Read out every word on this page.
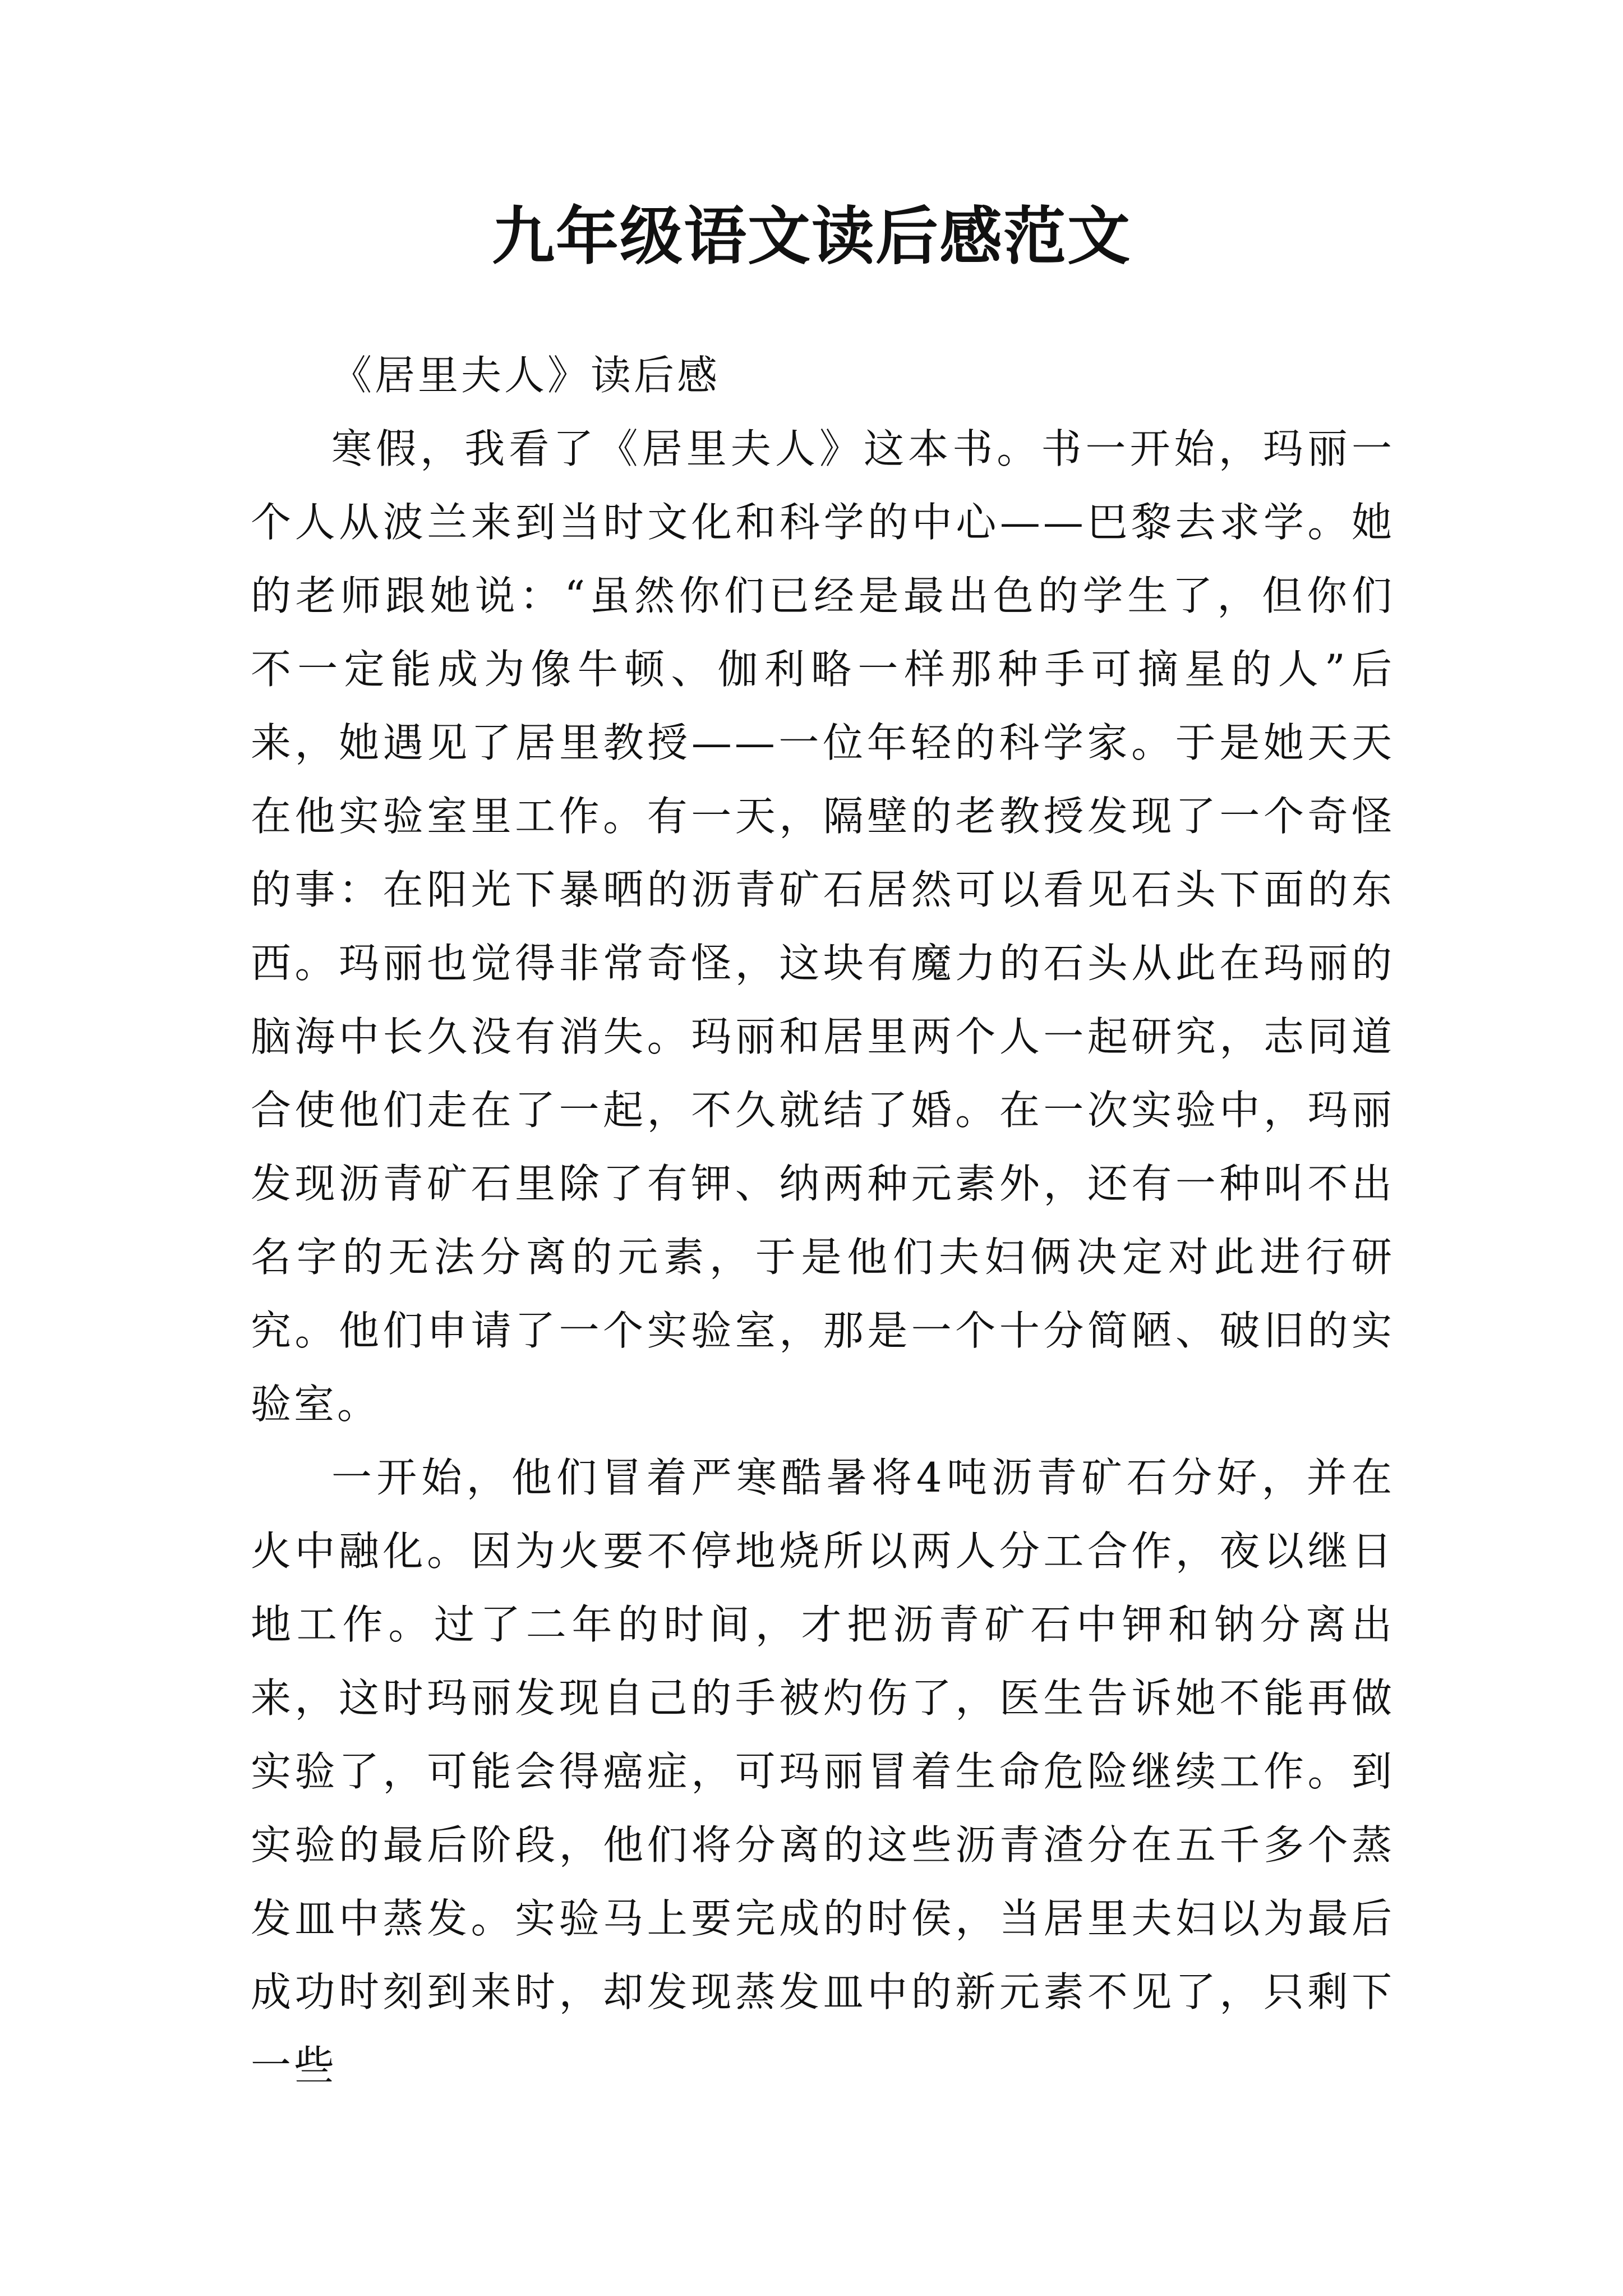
九年级语文读后感范文

《居里夫人》读后感

寒假，我看了《居里夫人》这本书。书一开始，玛丽一个人从波兰来到当时文化和科学的中心——巴黎去求学。她的老师跟她说：“虽然你们已经是最出色的学生了，但你们不一定能成为像牛顿、伽利略一样那种手可摘星的人”后来，她遇见了居里教授——一位年轻的科学家。于是她天天在他实验室里工作。有一天，隔壁的老教授发现了一个奇怪的事：在阳光下暴晒的沥青矿石居然可以看见石头下面的东西。玛丽也觉得非常奇怪，这块有魔力的石头从此在玛丽的脑海中长久没有消失。玛丽和居里两个人一起研究，志同道合使他们走在了一起，不久就结了婚。在一次实验中，玛丽发现沥青矿石里除了有钾、纳两种元素外，还有一种叫不出名字的无法分离的元素，于是他们夫妇俩决定对此进行研究。他们申请了一个实验室，那是一个十分简陋、破旧的实验室。

一开始，他们冒着严寒酷暑将4吨沥青矿石分好，并在火中融化。因为火要不停地烧所以两人分工合作，夜以继日地工作。过了二年的时间，才把沥青矿石中钾和钠分离出来，这时玛丽发现自己的手被灼伤了，医生告诉她不能再做实验了，可能会得癌症，可玛丽冒着生命危险继续工作。到实验的最后阶段，他们将分离的这些沥青渣分在五千多个蒸发皿中蒸发。实验马上要完成的时侯，当居里夫妇以为最后成功时刻到来时，却发现蒸发皿中的新元素不见了，只剩下一些
